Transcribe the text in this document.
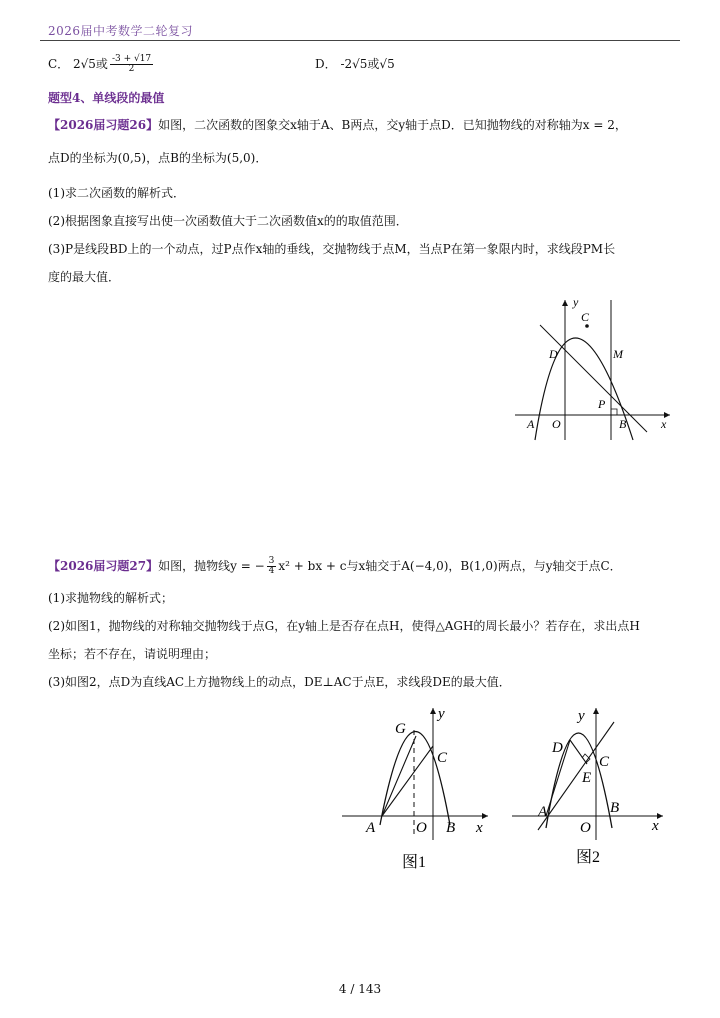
2026届中考数学二轮复习
C． 2√5或 $\frac{-3 + √17}{2}$	D． -2√5或√5
题型4、单线段的最值
【2026届习题26】如图，二次函数的图象交x轴于A、B两点，交y轴于点D．已知抛物线的对称轴为x = 2，
点D的坐标为(0,5)，点B的坐标为(5,0)．
(1)求二次函数的解析式．
(2)根据图象直接写出使一次函数值大于二次函数值x的的取值范围．
(3)P是线段BD上的一个动点，过P点作x轴的垂线，交抛物线于点M，当点P在第一象限内时，求线段PM长
度的最大值．
y
C
D	M
P
A O	B	x
【2026届习题27】如图，抛物线y = − $\frac{3}{4} x^2$ + bx + c与x轴交于A(−4,0)，B(1,0)两点，与y轴交于点C．
(1)求抛物线的解析式；
(2)如图1，抛物线的对称轴交抛物线于点G，在y轴上是否存在点H，使得△AGH的周长最小？若存在，求出点H
坐标；若不存在，请说明理由；
(3)如图2，点D为直线AC上方抛物线上的动点，DE⊥AC于点E，求线段DE的最大值．
G
y
C
A	O B x
图1
y
D
C
E
A	B
O	x
图2
4 / 143
